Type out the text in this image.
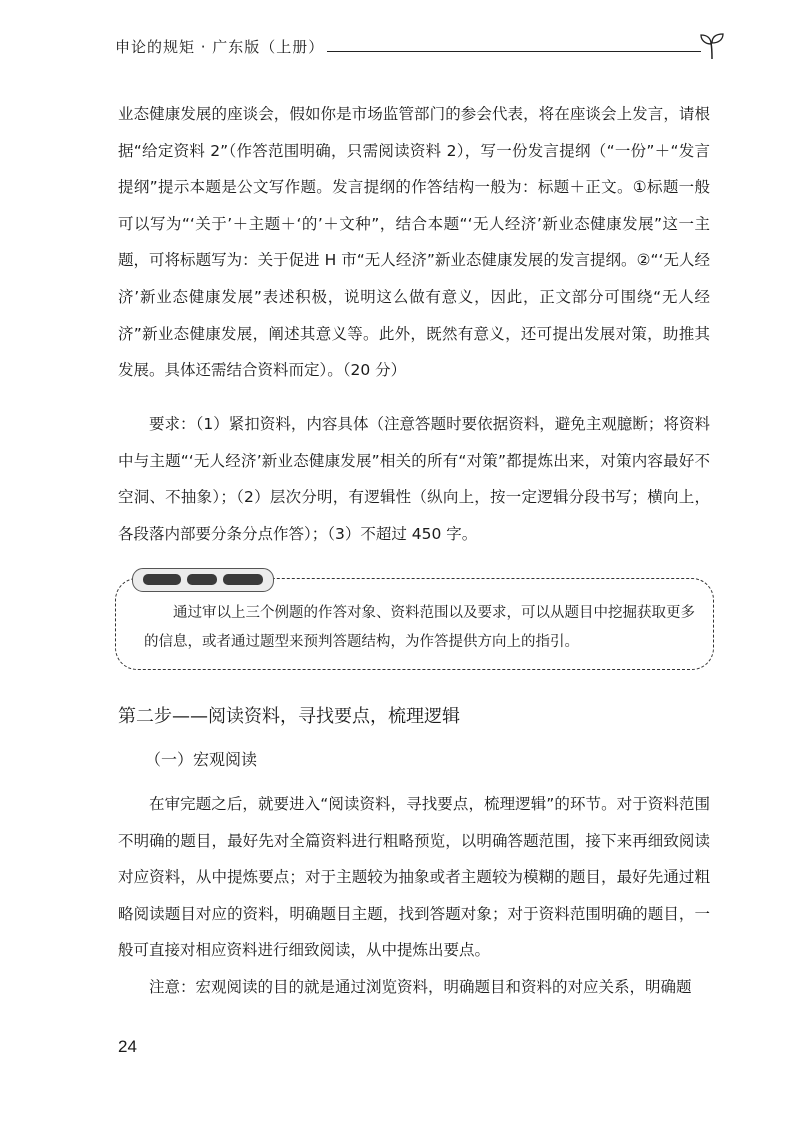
申论的规矩 · 广东版（上册）

业态健康发展的座谈会，假如你是市场监管部门的参会代表，将在座谈会上发言，请根据“给定资料 2”（作答范围明确，只需阅读资料 2），写一份发言提纲（“一份”＋“发言提纲”提示本题是公文写作题。发言提纲的作答结构一般为：标题＋正文。①标题一般可以写为“‘关于’＋主题＋‘的’＋文种”，结合本题“‘无人经济’新业态健康发展”这一主题，可将标题写为：关于促进 H 市“无人经济”新业态健康发展的发言提纲。②“‘无人经济’新业态健康发展”表述积极，说明这么做有意义，因此，正文部分可围绕“无人经济”新业态健康发展，阐述其意义等。此外，既然有意义，还可提出发展对策，助推其发展。具体还需结合资料而定）。（20 分）

要求：（1）紧扣资料，内容具体（注意答题时要依据资料，避免主观臆断；将资料中与主题“‘无人经济’新业态健康发展”相关的所有“对策”都提炼出来，对策内容最好不空洞、不抽象）；（2）层次分明，有逻辑性（纵向上，按一定逻辑分段书写；横向上，各段落内部要分条分点作答）；（3）不超过 450 字。

通过审以上三个例题的作答对象、资料范围以及要求，可以从题目中挖掘获取更多的信息，或者通过题型来预判答题结构，为作答提供方向上的指引。

第二步——阅读资料，寻找要点，梳理逻辑
（一）宏观阅读

在审完题之后，就要进入“阅读资料，寻找要点，梳理逻辑”的环节。对于资料范围不明确的题目，最好先对全篇资料进行粗略预览，以明确答题范围，接下来再细致阅读对应资料，从中提炼要点；对于主题较为抽象或者主题较为模糊的题目，最好先通过粗略阅读题目对应的资料，明确题目主题，找到答题对象；对于资料范围明确的题目，一般可直接对相应资料进行细致阅读，从中提炼出要点。

注意：宏观阅读的目的就是通过浏览资料，明确题目和资料的对应关系，明确题

24
